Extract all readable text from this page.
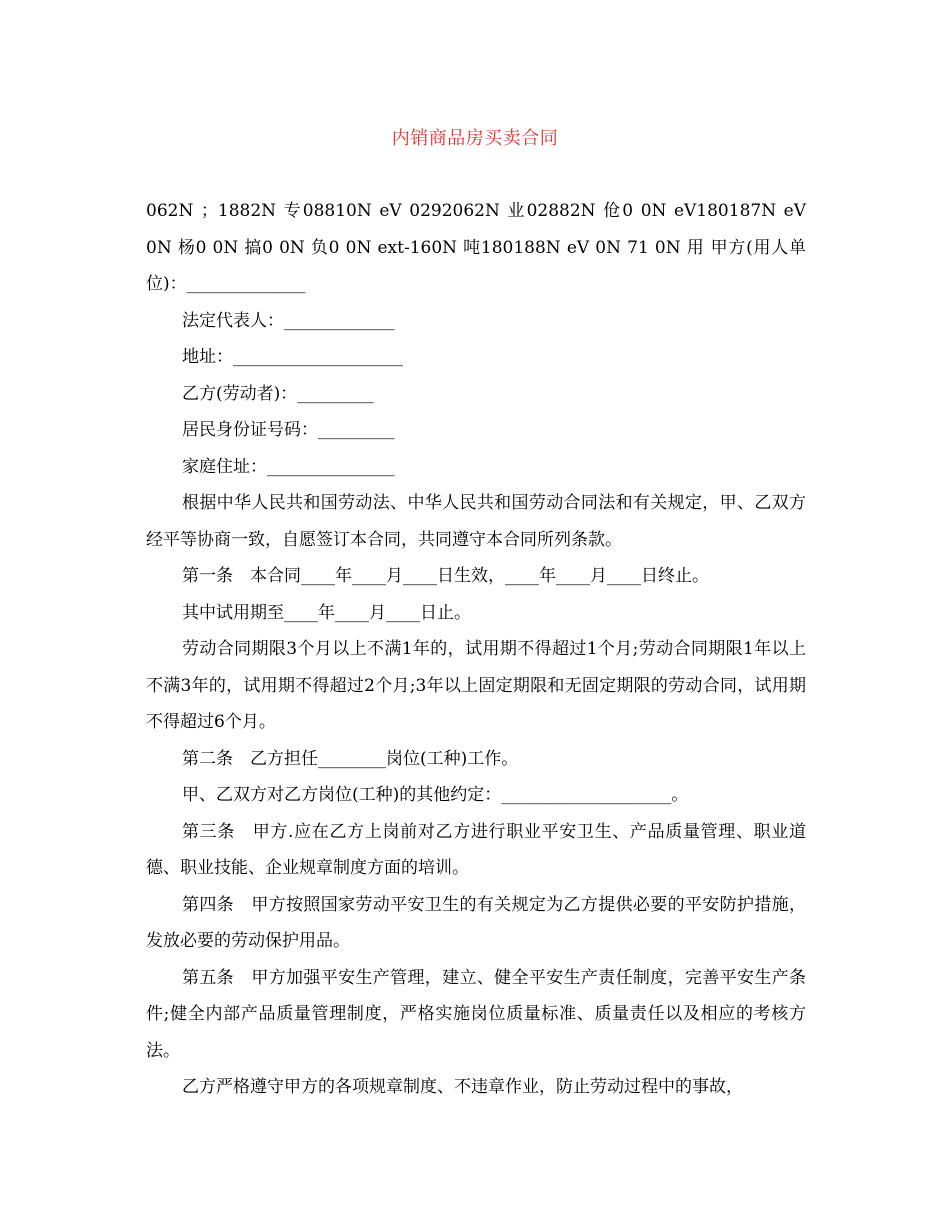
内销商品房买卖合同

062N ；1882N 专08810N eV 0292062N 业02882N 伧0 0N eV180187N eV 0N 杨0 0N 搞0 0N 负0 0N ext-160N 吨180188N eV 0N 71 0N 用 甲方(用人单位)：______________

法定代表人：_____________

地址：____________________

乙方(劳动者)：_________

居民身份证号码：_________

家庭住址：_______________

根据中华人民共和国劳动法、中华人民共和国劳动合同法和有关规定，甲、乙双方经平等协商一致，自愿签订本合同，共同遵守本合同所列条款。

第一条　本合同____年____月____日生效，____年____月____日终止。

其中试用期至____年____月____日止。

劳动合同期限3个月以上不满1年的，试用期不得超过1个月;劳动合同期限1年以上不满3年的，试用期不得超过2个月;3年以上固定期限和无固定期限的劳动合同，试用期不得超过6个月。

第二条　乙方担任________岗位(工种)工作。

甲、乙双方对乙方岗位(工种)的其他约定：____________________。

第三条　甲方.应在乙方上岗前对乙方进行职业平安卫生、产品质量管理、职业道德、职业技能、企业规章制度方面的培训。

第四条　甲方按照国家劳动平安卫生的有关规定为乙方提供必要的平安防护措施，发放必要的劳动保护用品。

第五条　甲方加强平安生产管理，建立、健全平安生产责任制度，完善平安生产条件;健全内部产品质量管理制度，严格实施岗位质量标准、质量责任以及相应的考核方法。

乙方严格遵守甲方的各项规章制度、不违章作业，防止劳动过程中的事故，
